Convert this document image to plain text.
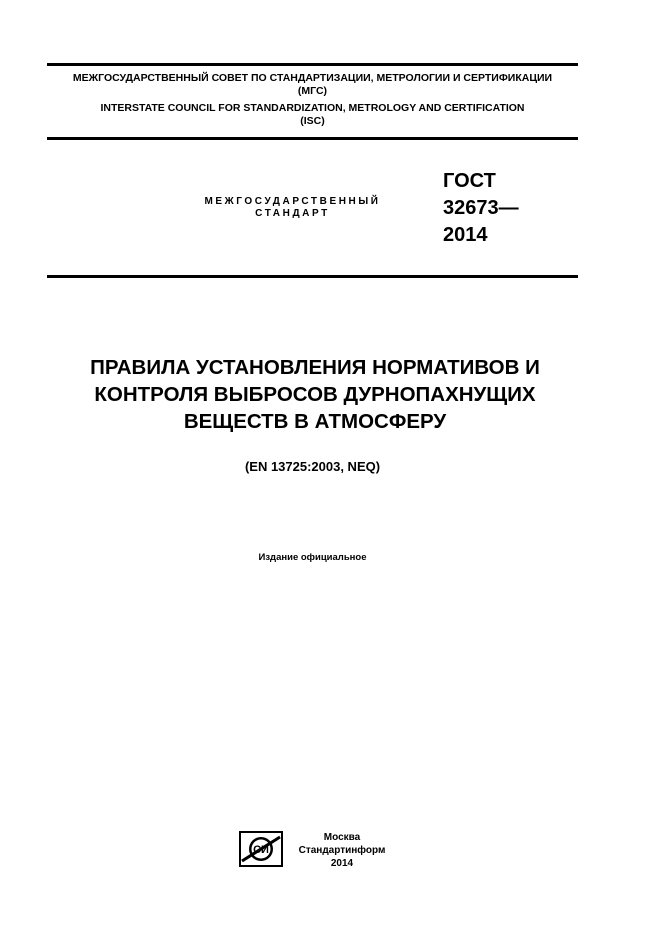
МЕЖГОСУДАРСТВЕННЫЙ СОВЕТ ПО СТАНДАРТИЗАЦИИ, МЕТРОЛОГИИ И СЕРТИФИКАЦИИ
(МГС)
INTERSTATE COUNCIL FOR STANDARDIZATION, METROLOGY AND CERTIFICATION
(ISC)
МЕЖГОСУДАРСТВЕННЫЙ
СТАНДАРТ
ГОСТ
32673—
2014
ПРАВИЛА УСТАНОВЛЕНИЯ НОРМАТИВОВ И
КОНТРОЛЯ ВЫБРОСОВ ДУРНОПАХНУЩИХ
ВЕЩЕСТВ В АТМОСФЕРУ
(EN 13725:2003, NEQ)
Издание официальное
СИ
Москва
Стандартинформ
2014
